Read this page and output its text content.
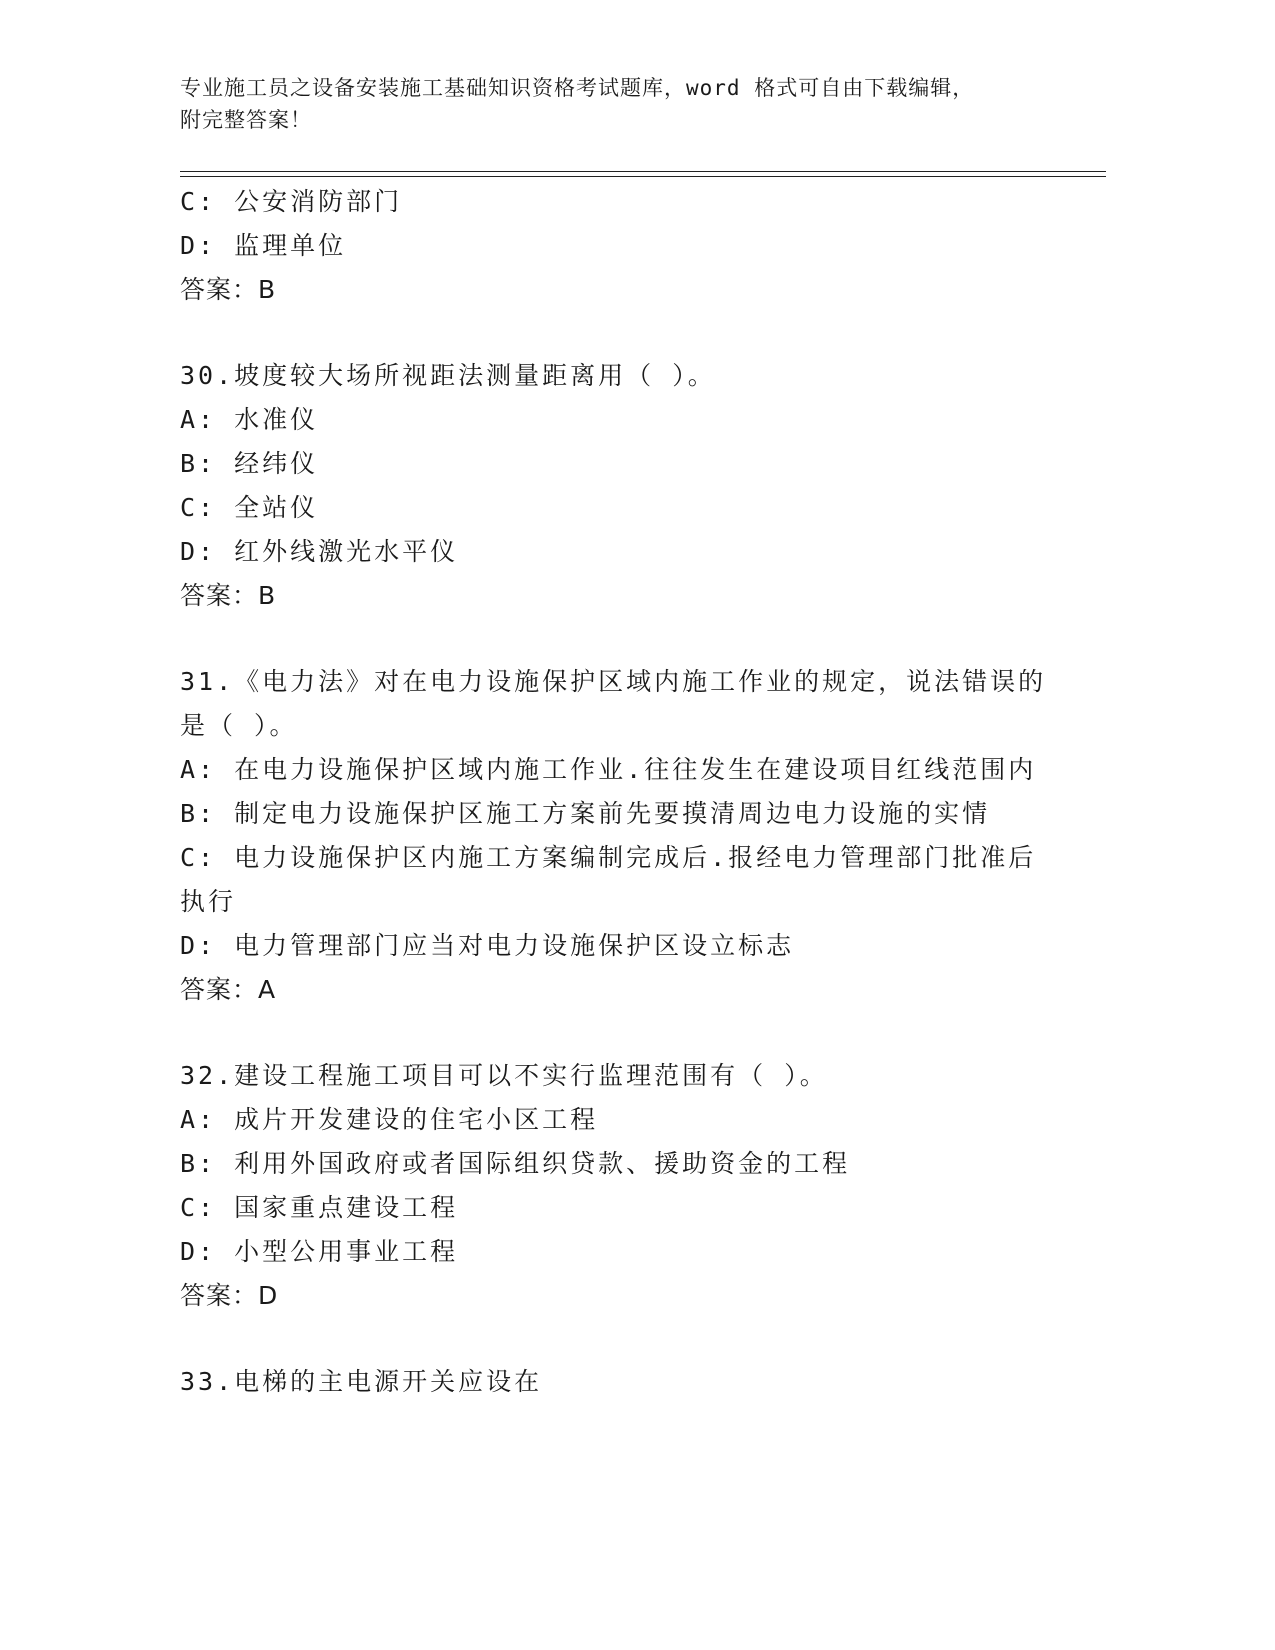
专业施工员之设备安装施工基础知识资格考试题库，word 格式可自由下载编辑，
附完整答案！
C: 公安消防部门
D: 监理单位
答案：B
30.坡度较大场所视距法测量距离用（ ）。
A: 水准仪
B: 经纬仪
C: 全站仪
D: 红外线激光水平仪
答案：B
31.《电力法》对在电力设施保护区域内施工作业的规定，说法错误的
是（ ）。
A: 在电力设施保护区域内施工作业.往往发生在建设项目红线范围内
B: 制定电力设施保护区施工方案前先要摸清周边电力设施的实情
C: 电力设施保护区内施工方案编制完成后.报经电力管理部门批准后
执行
D: 电力管理部门应当对电力设施保护区设立标志
答案：A
32.建设工程施工项目可以不实行监理范围有（ ）。
A: 成片开发建设的住宅小区工程
B: 利用外国政府或者国际组织贷款、援助资金的工程
C: 国家重点建设工程
D: 小型公用事业工程
答案：D
33.电梯的主电源开关应设在
